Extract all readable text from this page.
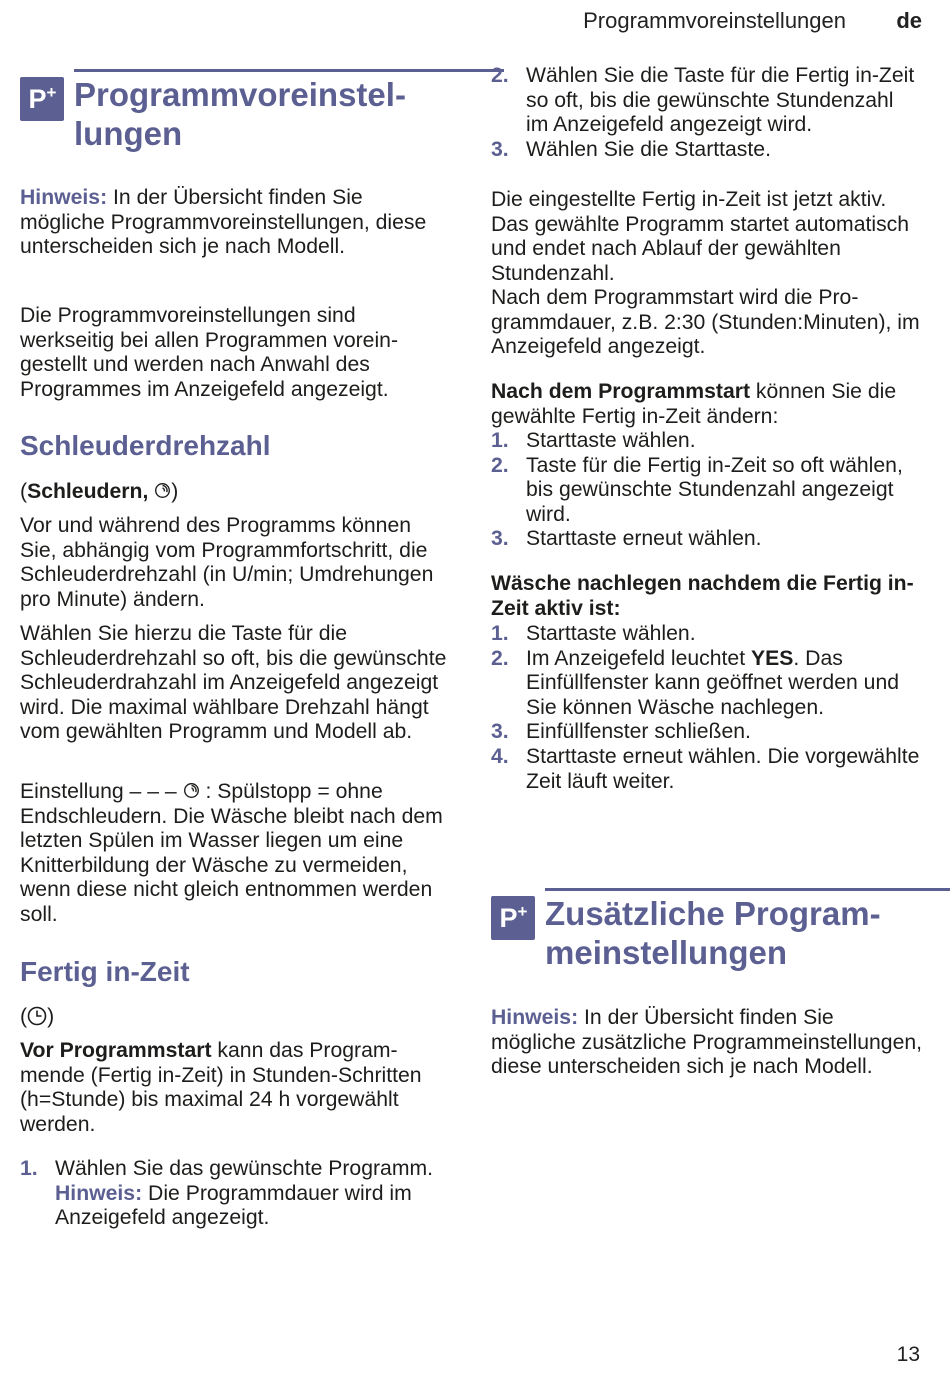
Programmvoreinstellungen de
P+ Programmvoreinstel-
lungen

Hinweis: In der Übersicht finden Sie mögliche Programmvoreinstellungen, diese unterscheiden sich je nach Modell.

Die Programmvoreinstellungen sind werkseitig bei allen Programmen voreingestellt und werden nach Anwahl des Programmes im Anzeigefeld angezeigt.

Schleuderdrehzahl

(Schleudern, )

Vor und während des Programms können Sie, abhängig vom Programmfortschritt, die Schleuderdrehzahl (in U/min; Umdrehungen pro Minute) ändern.

Wählen Sie hierzu die Taste für die Schleuderdrehzahl so oft, bis die gewünschte Schleuderdrahzahl im Anzeigefeld angezeigt wird. Die maximal wählbare Drehzahl hängt vom gewählten Programm und Modell ab.

Einstellung – – –  : Spülstopp = ohne Endschleudern. Die Wäsche bleibt nach dem letzten Spülen im Wasser liegen um eine Knitterbildung der Wäsche zu vermeiden, wenn diese nicht gleich entnommen werden soll.

Fertig in-Zeit

( )

Vor Programmstart kann das Programmende (Fertig in-Zeit) in Stunden-Schritten (h=Stunde) bis maximal 24 h vorgewählt werden.

1. Wählen Sie das gewünschte Programm.
Hinweis: Die Programmdauer wird im Anzeigefeld angezeigt.
2. Wählen Sie die Taste für die Fertig in-Zeit so oft, bis die gewünschte Stundenzahl im Anzeigefeld angezeigt wird.
3. Wählen Sie die Starttaste.

Die eingestellte Fertig in-Zeit ist jetzt aktiv. Das gewählte Programm startet automatisch und endet nach Ablauf der gewählten Stundenzahl.

Nach dem Programmstart wird die Programmdauer, z.B. 2:30 (Stunden:Minuten), im Anzeigefeld angezeigt.

Nach dem Programmstart können Sie die gewählte Fertig in-Zeit ändern:

1. Starttaste wählen.
2. Taste für die Fertig in-Zeit so oft wählen, bis gewünschte Stundenzahl angezeigt wird.
3. Starttaste erneut wählen.

Wäsche nachlegen nachdem die Fertig in-Zeit aktiv ist:

1. Starttaste wählen.
2. Im Anzeigefeld leuchtet YES. Das Einfüllfenster kann geöffnet werden und Sie können Wäsche nachlegen.
3. Einfüllfenster schließen.
4. Starttaste erneut wählen. Die vorgewählte Zeit läuft weiter.
P+ Zusätzliche Program-
meinstellungen

Hinweis: In der Übersicht finden Sie mögliche zusätzliche Programmeinstellungen, diese unterscheiden sich je nach Modell.

13
